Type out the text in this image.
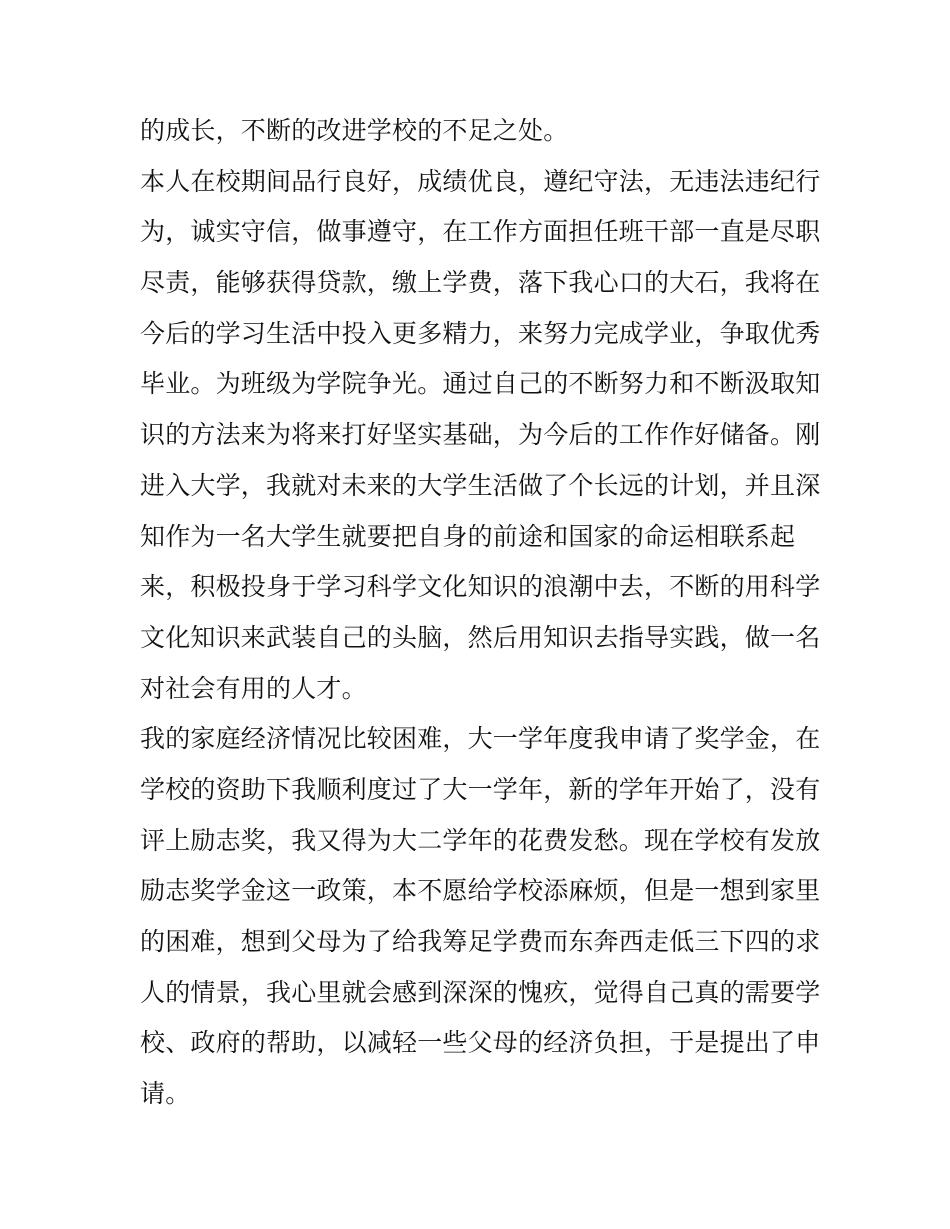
的成长，不断的改进学校的不足之处。
本人在校期间品行良好，成绩优良，遵纪守法，无违法违纪行
为，诚实守信，做事遵守，在工作方面担任班干部一直是尽职
尽责，能够获得贷款，缴上学费，落下我心口的大石，我将在
今后的学习生活中投入更多精力，来努力完成学业，争取优秀
毕业。为班级为学院争光。通过自己的不断努力和不断汲取知
识的方法来为将来打好坚实基础，为今后的工作作好储备。刚
进入大学，我就对未来的大学生活做了个长远的计划，并且深
知作为一名大学生就要把自身的前途和国家的命运相联系起
来，积极投身于学习科学文化知识的浪潮中去，不断的用科学
文化知识来武装自己的头脑，然后用知识去指导实践，做一名
对社会有用的人才。
我的家庭经济情况比较困难，大一学年度我申请了奖学金，在
学校的资助下我顺利度过了大一学年，新的学年开始了，没有
评上励志奖，我又得为大二学年的花费发愁。现在学校有发放
励志奖学金这一政策，本不愿给学校添麻烦，但是一想到家里
的困难，想到父母为了给我筹足学费而东奔西走低三下四的求
人的情景，我心里就会感到深深的愧疚，觉得自己真的需要学
校、政府的帮助，以减轻一些父母的经济负担，于是提出了申
请。
